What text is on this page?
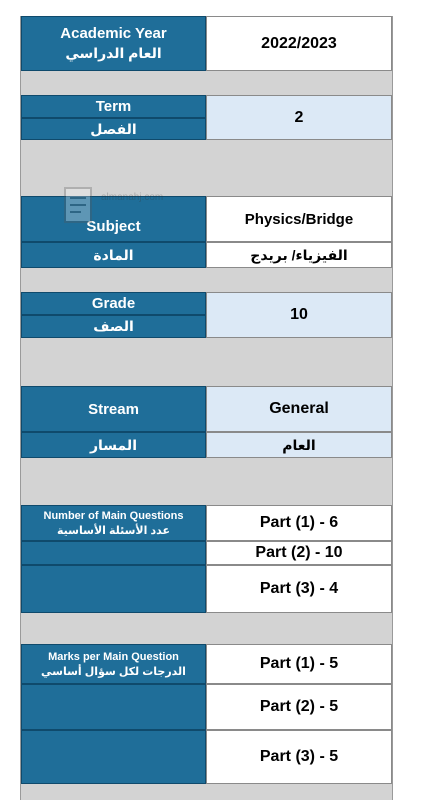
Academic Year
العام الدراسي
2022/2023
Term
الفصل
2
Subject
المادة
Physics/Bridge
الفيزياء/ بريدج
Grade
الصف
10
Stream
المسار
General
العام
Number of Main Questions
عدد الأسئلة الأساسية	Part (1) - 6
Part (2) - 10
Part (3) - 4
Marks per Main Question
الدرجات لكل سؤال أساسي	Part (1) - 5
Part (2) - 5
Part (3) - 5
almanahj.com
